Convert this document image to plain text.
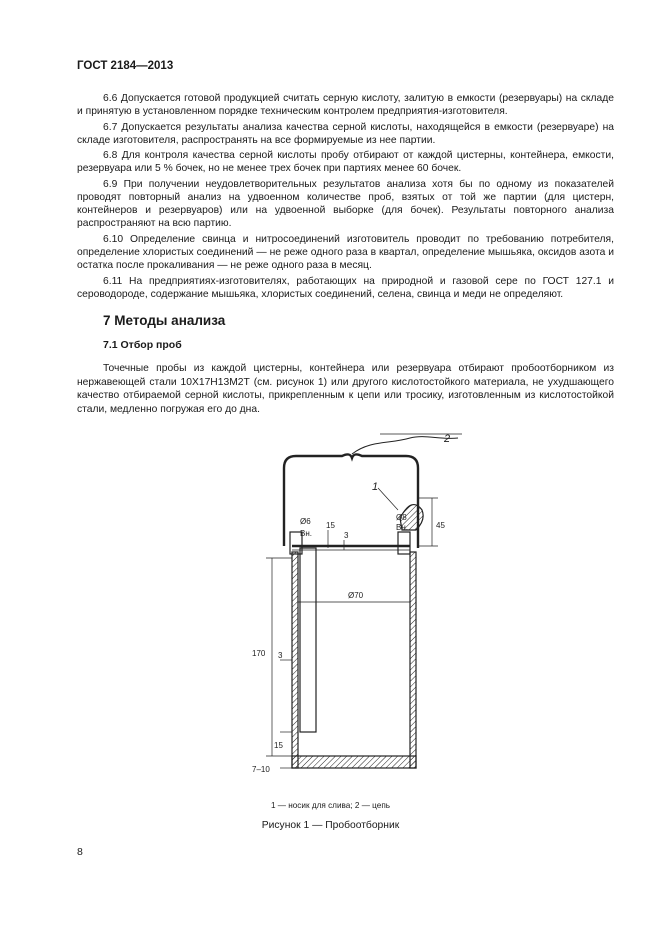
ГОСТ 2184—2013

6.6 Допускается готовой продукцией считать серную кислоту, залитую в емкости (резервуары) на складе и принятую в установленном порядке техническим контролем предприятия-изготовителя.

6.7 Допускается результаты анализа качества серной кислоты, находящейся в емкости (резервуаре) на складе изготовителя, распространять на все формируемые из нее партии.

6.8 Для контроля качества серной кислоты пробу отбирают от каждой цистерны, контейнера, емкости, резервуара или 5 % бочек, но не менее трех бочек при партиях менее 60 бочек.

6.9 При получении неудовлетворительных результатов анализа хотя бы по одному из показателей проводят повторный анализ на удвоенном количестве проб, взятых от той же партии (для цистерн, контейнеров и резервуаров) или на удвоенной выборке (для бочек). Результаты повторного анализа распространяют на всю партию.

6.10 Определение свинца и нитросоединений изготовитель проводит по требованию потребителя, определение хлористых соединений — не реже одного раза в квартал, определение мышьяка, оксидов азота и остатка после прокаливания — не реже одного раза в месяц.

6.11 На предприятиях-изготовителях, работающих на природной и газовой сере по ГОСТ 127.1 и сероводороде, содержание мышьяка, хлористых соединений, селена, свинца и меди не определяют.

7 Методы анализа
7.1 Отбор проб

Точечные пробы из каждой цистерны, контейнера или резервуара отбирают пробоотборником из нержавеющей стали 10Х17Н13М2Т (см. рисунок 1) или другого кислотостойкого материала, не ухудшающего качество отбираемой серной кислоты, прикрепленным к цепи или тросику, изготовленным из кислотостойкой стали, медленно погружая его до дна.

2
1
Ø6
Вн.
15
3
Ø8
Вн.	45
Ø70
170 3
15
7–10
1 — носик для слива; 2 — цепь
Рисунок 1 — Пробоотборник
8
